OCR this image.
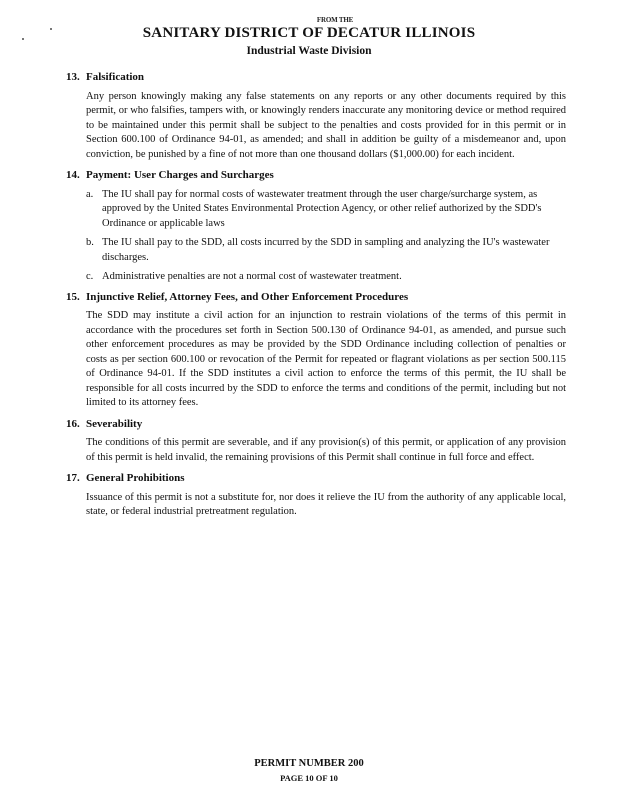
FROM THE
SANITARY DISTRICT OF DECATUR ILLINOIS
Industrial Waste Division
13. Falsification
Any person knowingly making any false statements on any reports or any other documents required by this permit, or who falsifies, tampers with, or knowingly renders inaccurate any monitoring device or method required to be maintained under this permit shall be subject to the penalties and costs provided for in this permit or in Section 600.100 of Ordinance 94-01, as amended; and shall in addition be guilty of a misdemeanor and, upon conviction, be punished by a fine of not more than one thousand dollars ($1,000.00) for each incident.
14. Payment: User Charges and Surcharges
a. The IU shall pay for normal costs of wastewater treatment through the user charge/surcharge system, as approved by the United States Environmental Protection Agency, or other relief authorized by the SDD's Ordinance or applicable laws
b. The IU shall pay to the SDD, all costs incurred by the SDD in sampling and analyzing the IU's wastewater discharges.
c. Administrative penalties are not a normal cost of wastewater treatment.
15. Injunctive Relief, Attorney Fees, and Other Enforcement Procedures
The SDD may institute a civil action for an injunction to restrain violations of the terms of this permit in accordance with the procedures set forth in Section 500.130 of Ordinance 94-01, as amended, and pursue such other enforcement procedures as may be provided by the SDD Ordinance including collection of penalties or costs as per section 600.100 or revocation of the Permit for repeated or flagrant violations as per section 500.115 of Ordinance 94-01. If the SDD institutes a civil action to enforce the terms of this permit, the IU shall be responsible for all costs incurred by the SDD to enforce the terms and conditions of the permit, including but not limited to its attorney fees.
16. Severability
The conditions of this permit are severable, and if any provision(s) of this permit, or application of any provision of this permit is held invalid, the remaining provisions of this Permit shall continue in full force and effect.
17. General Prohibitions
Issuance of this permit is not a substitute for, nor does it relieve the IU from the authority of any applicable local, state, or federal industrial pretreatment regulation.
PERMIT NUMBER 200
PAGE 10 OF 10
